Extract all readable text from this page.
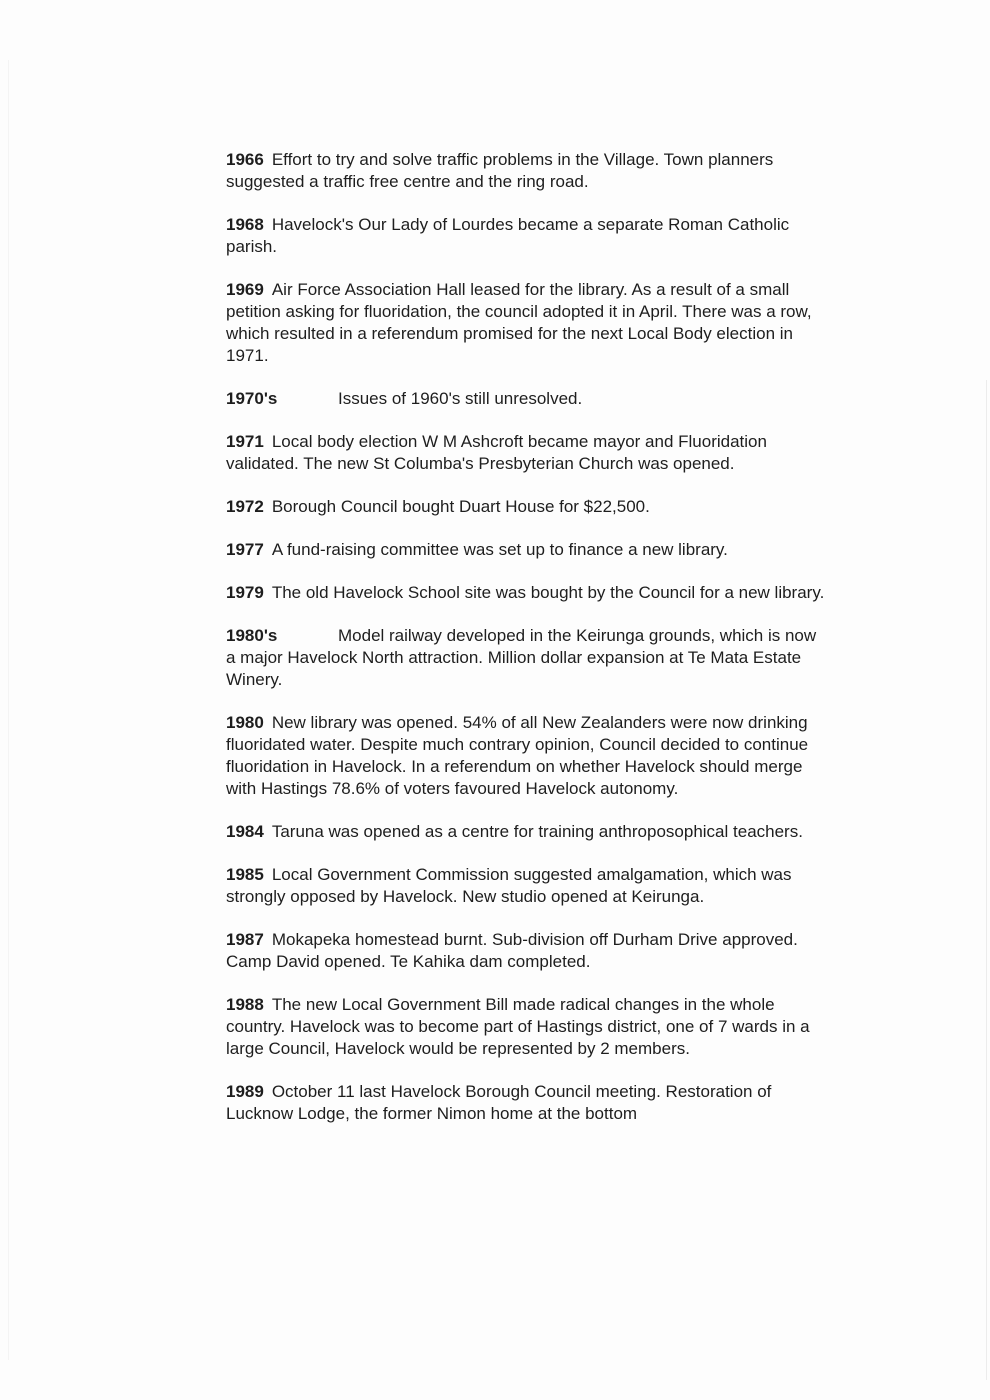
1966 Effort to try and solve traffic problems in the Village. Town planners suggested a traffic free centre and the ring road.

1968 Havelock's Our Lady of Lourdes became a separate Roman Catholic parish.

1969 Air Force Association Hall leased for the library. As a result of a small petition asking for fluoridation, the council adopted it in April. There was a row, which resulted in a referendum promised for the next Local Body election in 1971.

1970's	Issues of 1960's still unresolved.

1971 Local body election W M Ashcroft became mayor and Fluoridation validated. The new St Columba's Presbyterian Church was opened.

1972 Borough Council bought Duart House for $22,500.

1977 A fund-raising committee was set up to finance a new library.

1979 The old Havelock School site was bought by the Council for a new library.

1980's	Model railway developed in the Keirunga grounds, which is now a major Havelock North attraction. Million dollar expansion at Te Mata Estate Winery.

1980 New library was opened. 54% of all New Zealanders were now drinking fluoridated water. Despite much contrary opinion, Council decided to continue fluoridation in Havelock. In a referendum on whether Havelock should merge with Hastings 78.6% of voters favoured Havelock autonomy.

1984 Taruna was opened as a centre for training anthroposophical teachers.

1985 Local Government Commission suggested amalgamation, which was strongly opposed by Havelock. New studio opened at Keirunga.

1987 Mokapeka homestead burnt. Sub-division off Durham Drive approved. Camp David opened. Te Kahika dam completed.

1988 The new Local Government Bill made radical changes in the whole country. Havelock was to become part of Hastings district, one of 7 wards in a large Council, Havelock would be represented by 2 members.

1989 October 11 last Havelock Borough Council meeting. Restoration of Lucknow Lodge, the former Nimon home at the bottom
